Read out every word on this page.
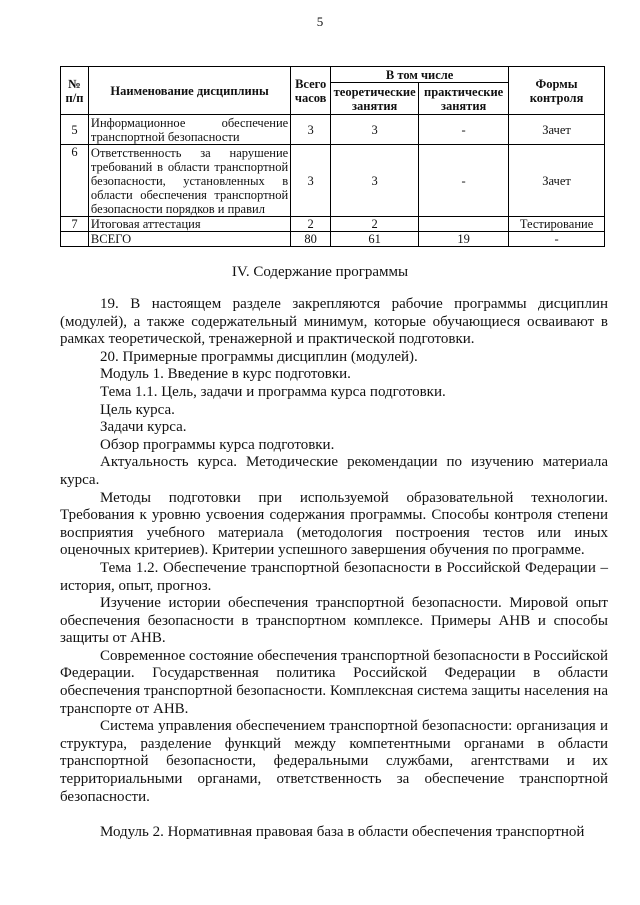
5
№ п/п	Наименование дисциплины	Всего часов	В том числе		Формы контроля
			теоретические занятия	практические занятия	
5	Информационное обеспечение транспортной безопасности	3	3	-	Зачет
6	Ответственность за нарушение требований в области транспортной безопасности, установленных в области обеспечения транспортной безопасности порядков и правил	3	3	-	Зачет
7	Итоговая аттестация	2	2		Тестирование
	ВСЕГО	80	61	19	-
IV. Содержание программы

19. В настоящем разделе закрепляются рабочие программы дисциплин (модулей), а также содержательный минимум, которые обучающиеся осваивают в рамках теоретической, тренажерной и практической подготовки.

20. Примерные программы дисциплин (модулей).

Модуль 1. Введение в курс подготовки.

Тема 1.1. Цель, задачи и программа курса подготовки.

Цель курса.

Задачи курса.

Обзор программы курса подготовки.

Актуальность курса. Методические рекомендации по изучению материала курса.

Методы подготовки при используемой образовательной технологии. Требования к уровню усвоения содержания программы. Способы контроля степени восприятия учебного материала (методология построения тестов или иных оценочных критериев). Критерии успешного завершения обучения по программе.

Тема 1.2. Обеспечение транспортной безопасности в Российской Федерации – история, опыт, прогноз.

Изучение истории обеспечения транспортной безопасности. Мировой опыт обеспечения безопасности в транспортном комплексе. Примеры АНВ и способы защиты от АНВ.

Современное состояние обеспечения транспортной безопасности в Российской Федерации. Государственная политика Российской Федерации в области обеспечения транспортной безопасности. Комплексная система защиты населения на транспорте от АНВ.

Система управления обеспечением транспортной безопасности: организация и структура, разделение функций между компетентными органами в области транспортной безопасности, федеральными службами, агентствами и их территориальными органами, ответственность за обеспечение транспортной безопасности.

Модуль 2. Нормативная правовая база в области обеспечения транспортной
